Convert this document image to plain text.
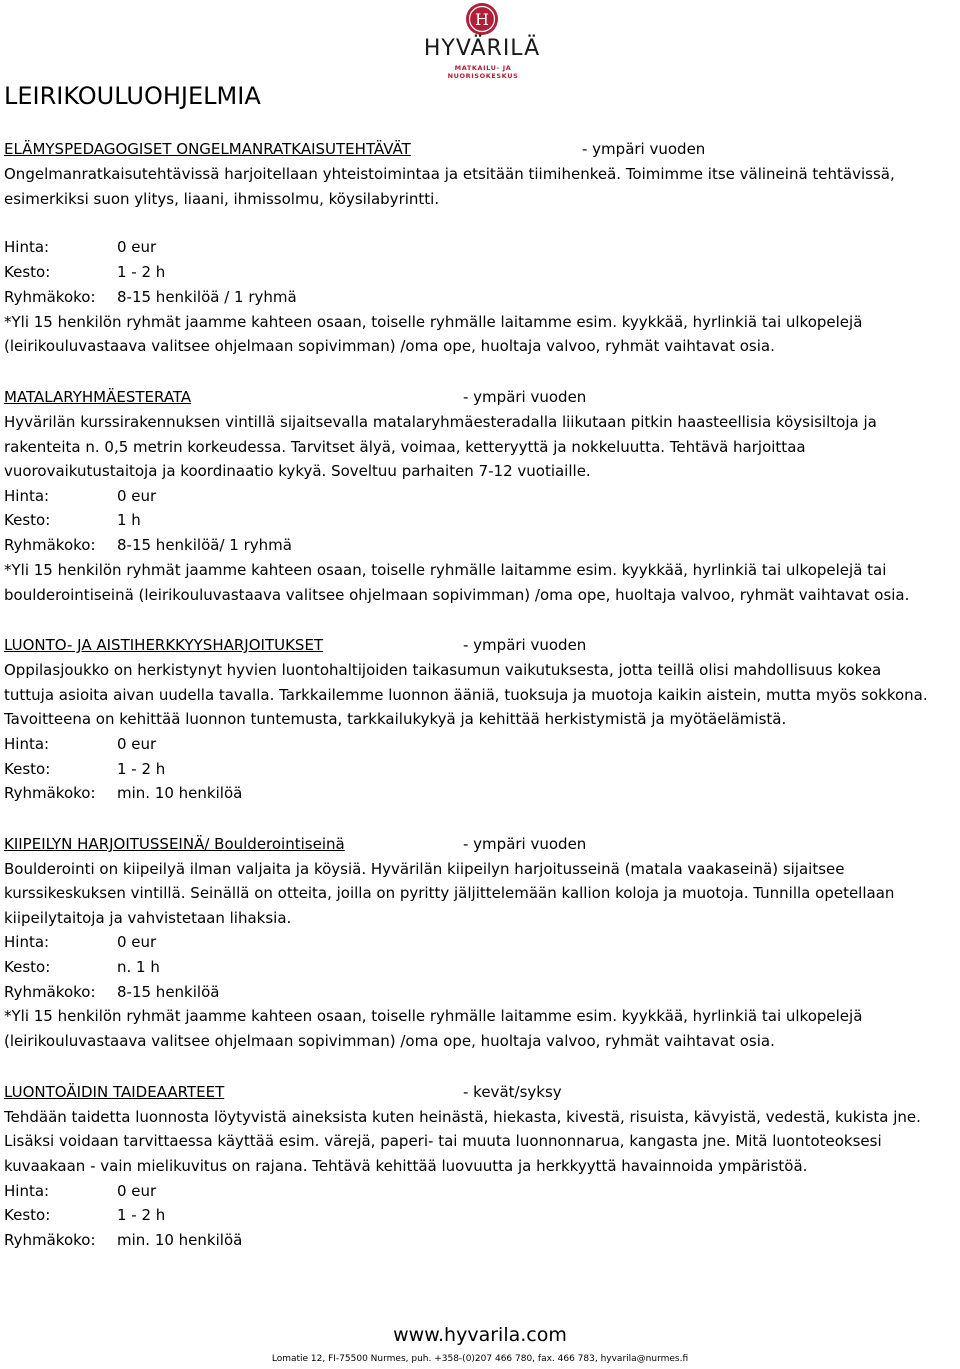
H
HYVÄRILÄ
MATKAILU- JA NUORISOKESKUS
LEIRIKOULUOHJELMIA
ELÄMYSPEDAGOGISET ONGELMANRATKAISUTEHTÄVÄT	- ympäri vuoden
Ongelmanratkaisutehtävissä harjoitellaan yhteistoimintaa ja etsitään tiimihenkeä. Toimimme itse välineinä tehtävissä,
esimerkiksi suon ylitys, liaani, ihmissolmu, köysilabyrintti.
Hinta:	0 eur
Kesto:	1 - 2 h
Ryhmäkoko: 8-15 henkilöä / 1 ryhmä
*Yli 15 henkilön ryhmät jaamme kahteen osaan, toiselle ryhmälle laitamme esim. kyykkää, hyrlinkiä tai ulkopelejä
(leirikouluvastaava valitsee ohjelmaan sopivimman) /oma ope, huoltaja valvoo, ryhmät vaihtavat osia.
MATALARYHMÄESTERATA	- ympäri vuoden
Hyvärilän kurssirakennuksen vintillä sijaitsevalla matalaryhmäesteradalla liikutaan pitkin haasteellisia köysisiltoja ja
rakenteita n. 0,5 metrin korkeudessa. Tarvitset älyä, voimaa, ketteryyttä ja nokkeluutta. Tehtävä harjoittaa
vuorovaikutustaitoja ja koordinaatio kykyä. Soveltuu parhaiten 7-12 vuotiaille.
Hinta:	0 eur
Kesto:	1 h
Ryhmäkoko: 8-15 henkilöä/ 1 ryhmä
*Yli 15 henkilön ryhmät jaamme kahteen osaan, toiselle ryhmälle laitamme esim. kyykkää, hyrlinkiä tai ulkopelejä tai
boulderointiseinä (leirikouluvastaava valitsee ohjelmaan sopivimman) /oma ope, huoltaja valvoo, ryhmät vaihtavat osia.
LUONTO- JA AISTIHERKKYYSHARJOITUKSET	- ympäri vuoden
Oppilasjoukko on herkistynyt hyvien luontohaltijoiden taikasumun vaikutuksesta, jotta teillä olisi mahdollisuus kokea
tuttuja asioita aivan uudella tavalla. Tarkkailemme luonnon ääniä, tuoksuja ja muotoja kaikin aistein, mutta myös sokkona.
Tavoitteena on kehittää luonnon tuntemusta, tarkkailukykyä ja kehittää herkistymistä ja myötäelämistä.
Hinta:	0 eur
Kesto:	1 - 2 h
Ryhmäkoko: min. 10 henkilöä
KIIPEILYN HARJOITUSSEINÄ/ Boulderointiseinä	- ympäri vuoden
Boulderointi on kiipeilyä ilman valjaita ja köysiä. Hyvärilän kiipeilyn harjoitusseinä (matala vaakaseinä) sijaitsee
kurssikeskuksen vintillä. Seinällä on otteita, joilla on pyritty jäljittelemään kallion koloja ja muotoja. Tunnilla opetellaan
kiipeilytaitoja ja vahvistetaan lihaksia.
Hinta:	0 eur
Kesto:	n. 1 h
Ryhmäkoko: 8-15 henkilöä
*Yli 15 henkilön ryhmät jaamme kahteen osaan, toiselle ryhmälle laitamme esim. kyykkää, hyrlinkiä tai ulkopelejä
(leirikouluvastaava valitsee ohjelmaan sopivimman) /oma ope, huoltaja valvoo, ryhmät vaihtavat osia.
LUONTOÄIDIN TAIDEAARTEET	- kevät/syksy
Tehdään taidetta luonnosta löytyvistä aineksista kuten heinästä, hiekasta, kivestä, risuista, kävyistä, vedestä, kukista jne.
Lisäksi voidaan tarvittaessa käyttää esim. värejä, paperi- tai muuta luonnonnarua, kangasta jne. Mitä luontoteoksesi
kuvaakaan - vain mielikuvitus on rajana. Tehtävä kehittää luovuutta ja herkkyyttä havainnoida ympäristöä.
Hinta:	0 eur
Kesto:	1 - 2 h
Ryhmäkoko: min. 10 henkilöä
www.hyvarila.com
Lomatie 12, FI-75500 Nurmes, puh. +358-(0)207 466 780, fax. 466 783, hyvarila@nurmes.fi
